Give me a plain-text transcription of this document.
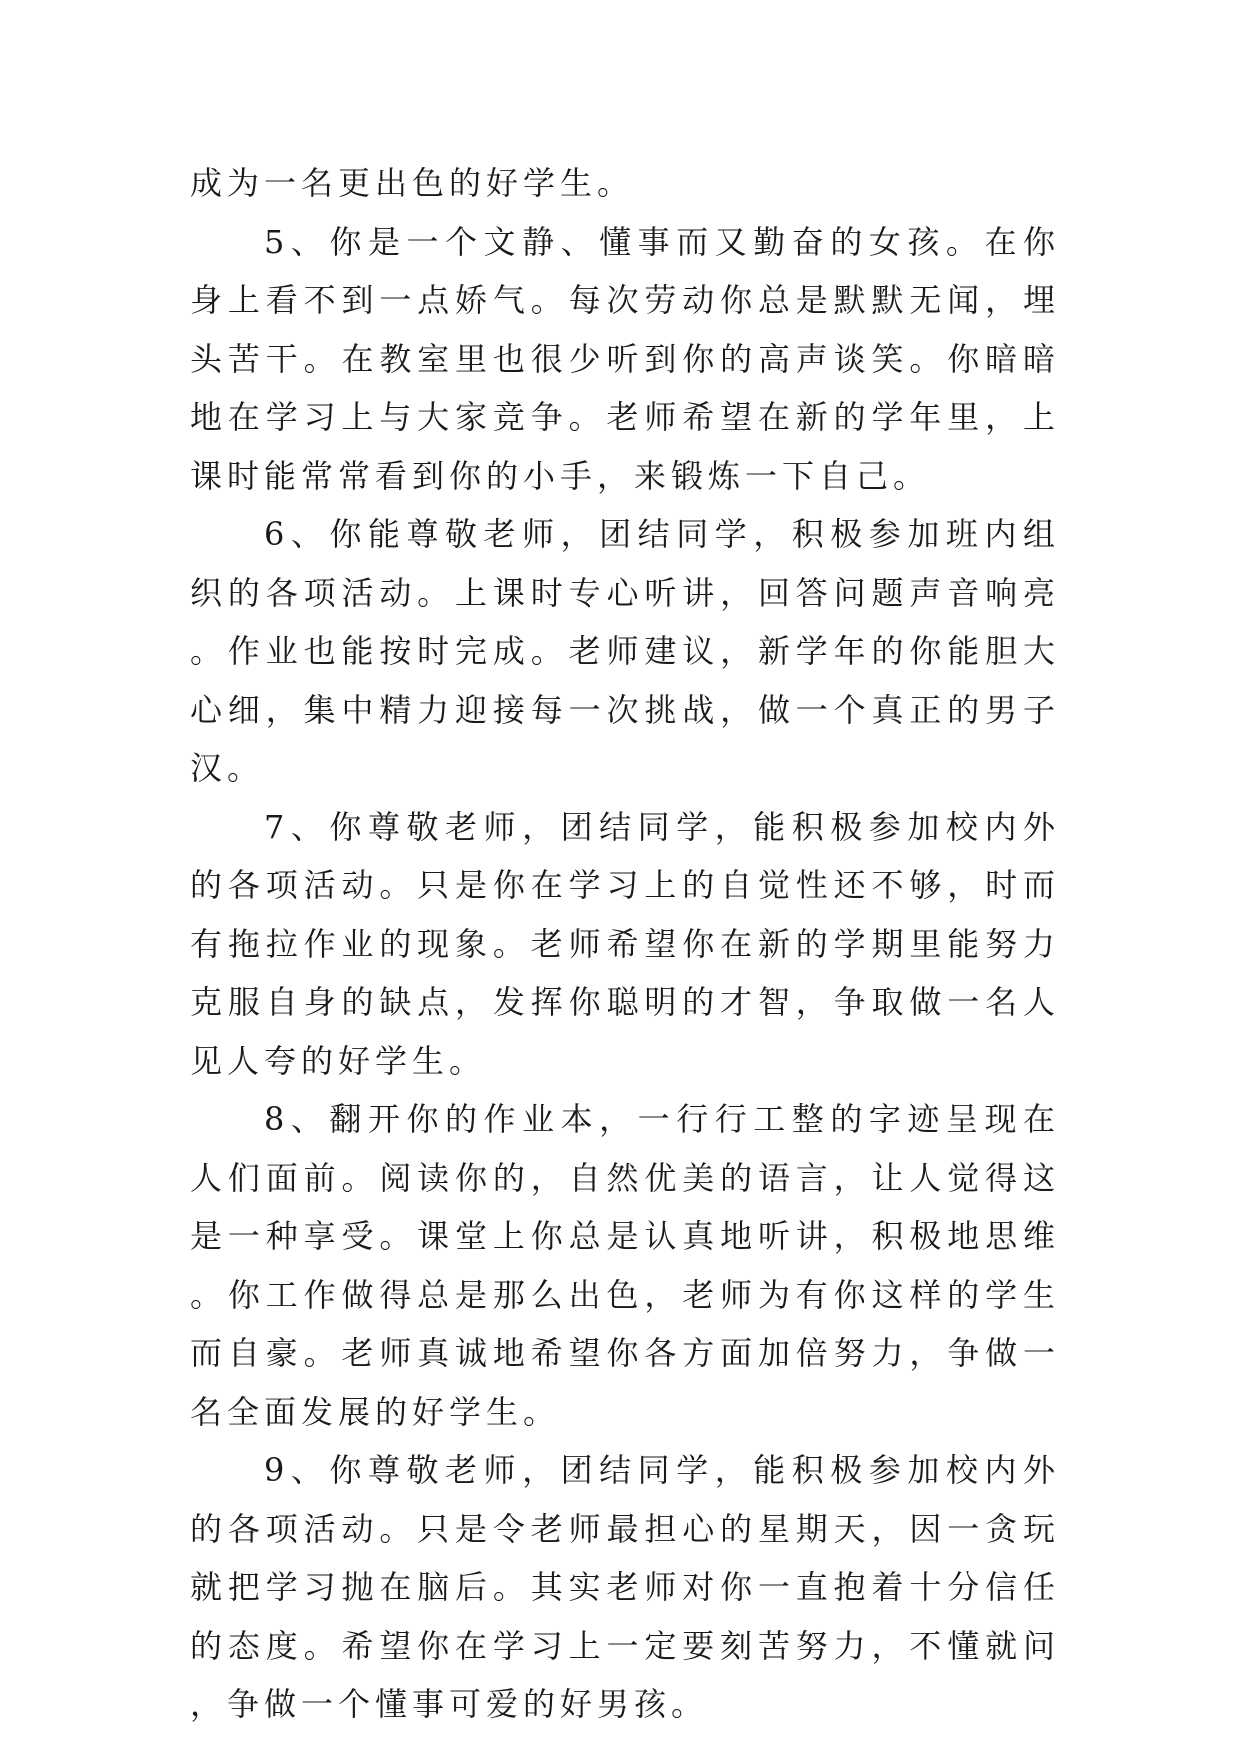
成为一名更出色的好学生。

5、你是一个文静、懂事而又勤奋的女孩。在你身上看不到一点娇气。每次劳动你总是默默无闻，埋头苦干。在教室里也很少听到你的高声谈笑。你暗暗地在学习上与大家竞争。老师希望在新的学年里，上课时能常常看到你的小手，来锻炼一下自己。

6、你能尊敬老师，团结同学，积极参加班内组织的各项活动。上课时专心听讲，回答问题声音响亮。作业也能按时完成。老师建议，新学年的你能胆大心细，集中精力迎接每一次挑战，做一个真正的男子汉。

7、你尊敬老师，团结同学，能积极参加校内外的各项活动。只是你在学习上的自觉性还不够，时而有拖拉作业的现象。老师希望你在新的学期里能努力克服自身的缺点，发挥你聪明的才智，争取做一名人见人夸的好学生。

8、翻开你的作业本，一行行工整的字迹呈现在人们面前。阅读你的，自然优美的语言，让人觉得这是一种享受。课堂上你总是认真地听讲，积极地思维。你工作做得总是那么出色，老师为有你这样的学生而自豪。老师真诚地希望你各方面加倍努力，争做一名全面发展的好学生。

9、你尊敬老师，团结同学，能积极参加校内外的各项活动。只是令老师最担心的星期天，因一贪玩就把学习抛在脑后。其实老师对你一直抱着十分信任的态度。希望你在学习上一定要刻苦努力，不懂就问，争做一个懂事可爱的好男孩。
